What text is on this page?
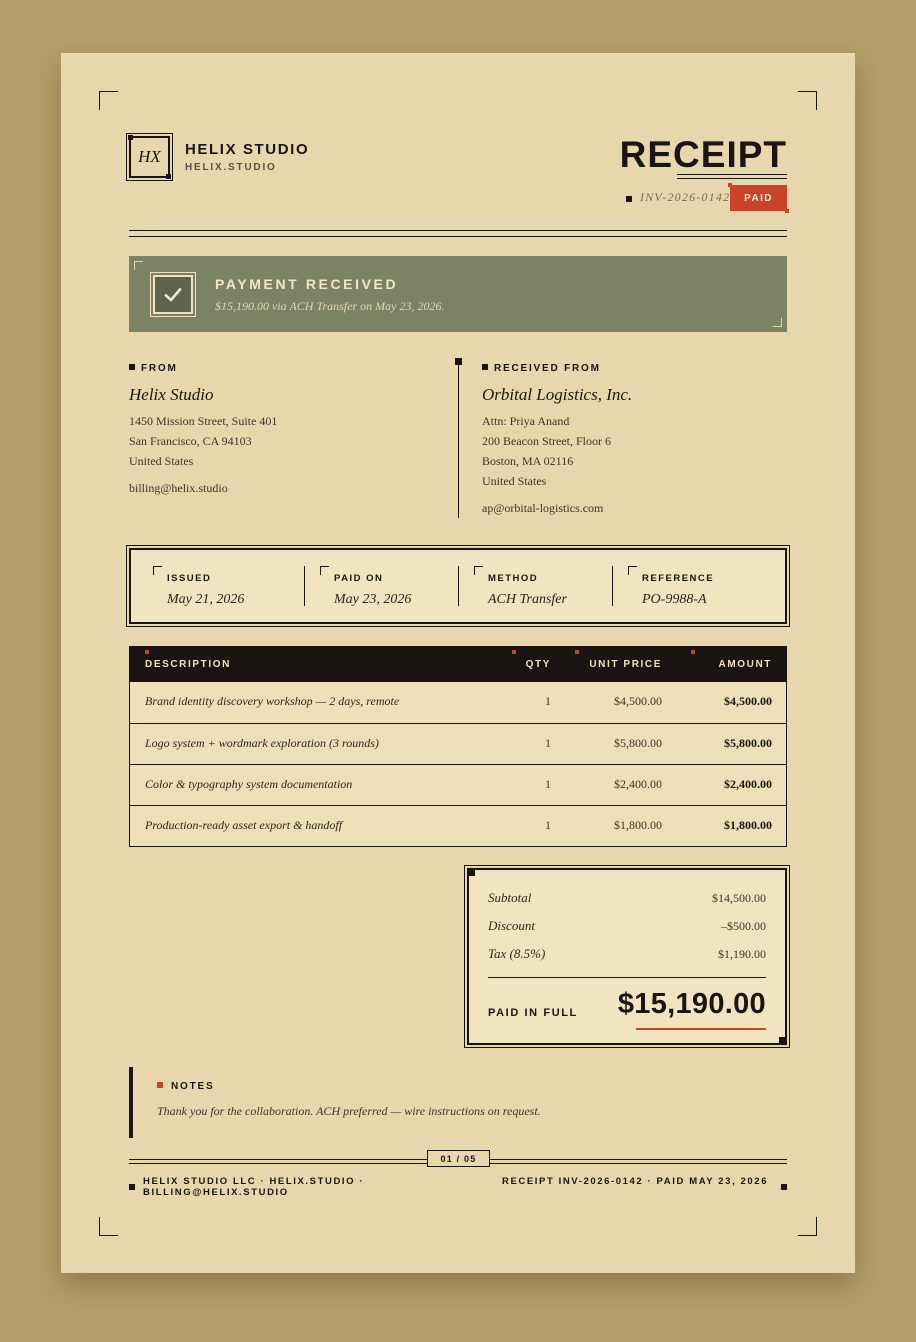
HX	HELIX STUDIO
HELIX.STUDIO	RECEIPT
INV-2026-0142	PAID
PAYMENT RECEIVED
$15,190.00 via ACH Transfer on May 23, 2026.
FROM
Helix Studio
1450 Mission Street, Suite 401
San Francisco, CA 94103
United States
billing@helix.studio
RECEIVED FROM
Orbital Logistics, Inc.
Attn: Priya Anand
200 Beacon Street, Floor 6
Boston, MA 02116
United States
ap@orbital-logistics.com
ISSUED
May 21, 2026
PAID ON
May 23, 2026
METHOD
ACH Transfer
REFERENCE
PO-9988-A
DESCRIPTION	QTY	UNIT PRICE	AMOUNT
Brand identity discovery workshop — 2 days, remote	1	$4,500.00	$4,500.00
Logo system + wordmark exploration (3 rounds)	1	$5,800.00	$5,800.00
Color & typography system documentation	1	$2,400.00	$2,400.00
Production-ready asset export & handoff	1	$1,800.00	$1,800.00
Subtotal	$14,500.00
Discount	–$500.00
Tax (8.5%)	$1,190.00
PAID IN FULL $15,190.00
NOTES
Thank you for the collaboration. ACH preferred — wire instructions on request.
01 / 05
HELIX STUDIO LLC · HELIX.STUDIO · BILLING@HELIX.STUDIO
RECEIPT INV-2026-0142 · PAID MAY 23, 2026
